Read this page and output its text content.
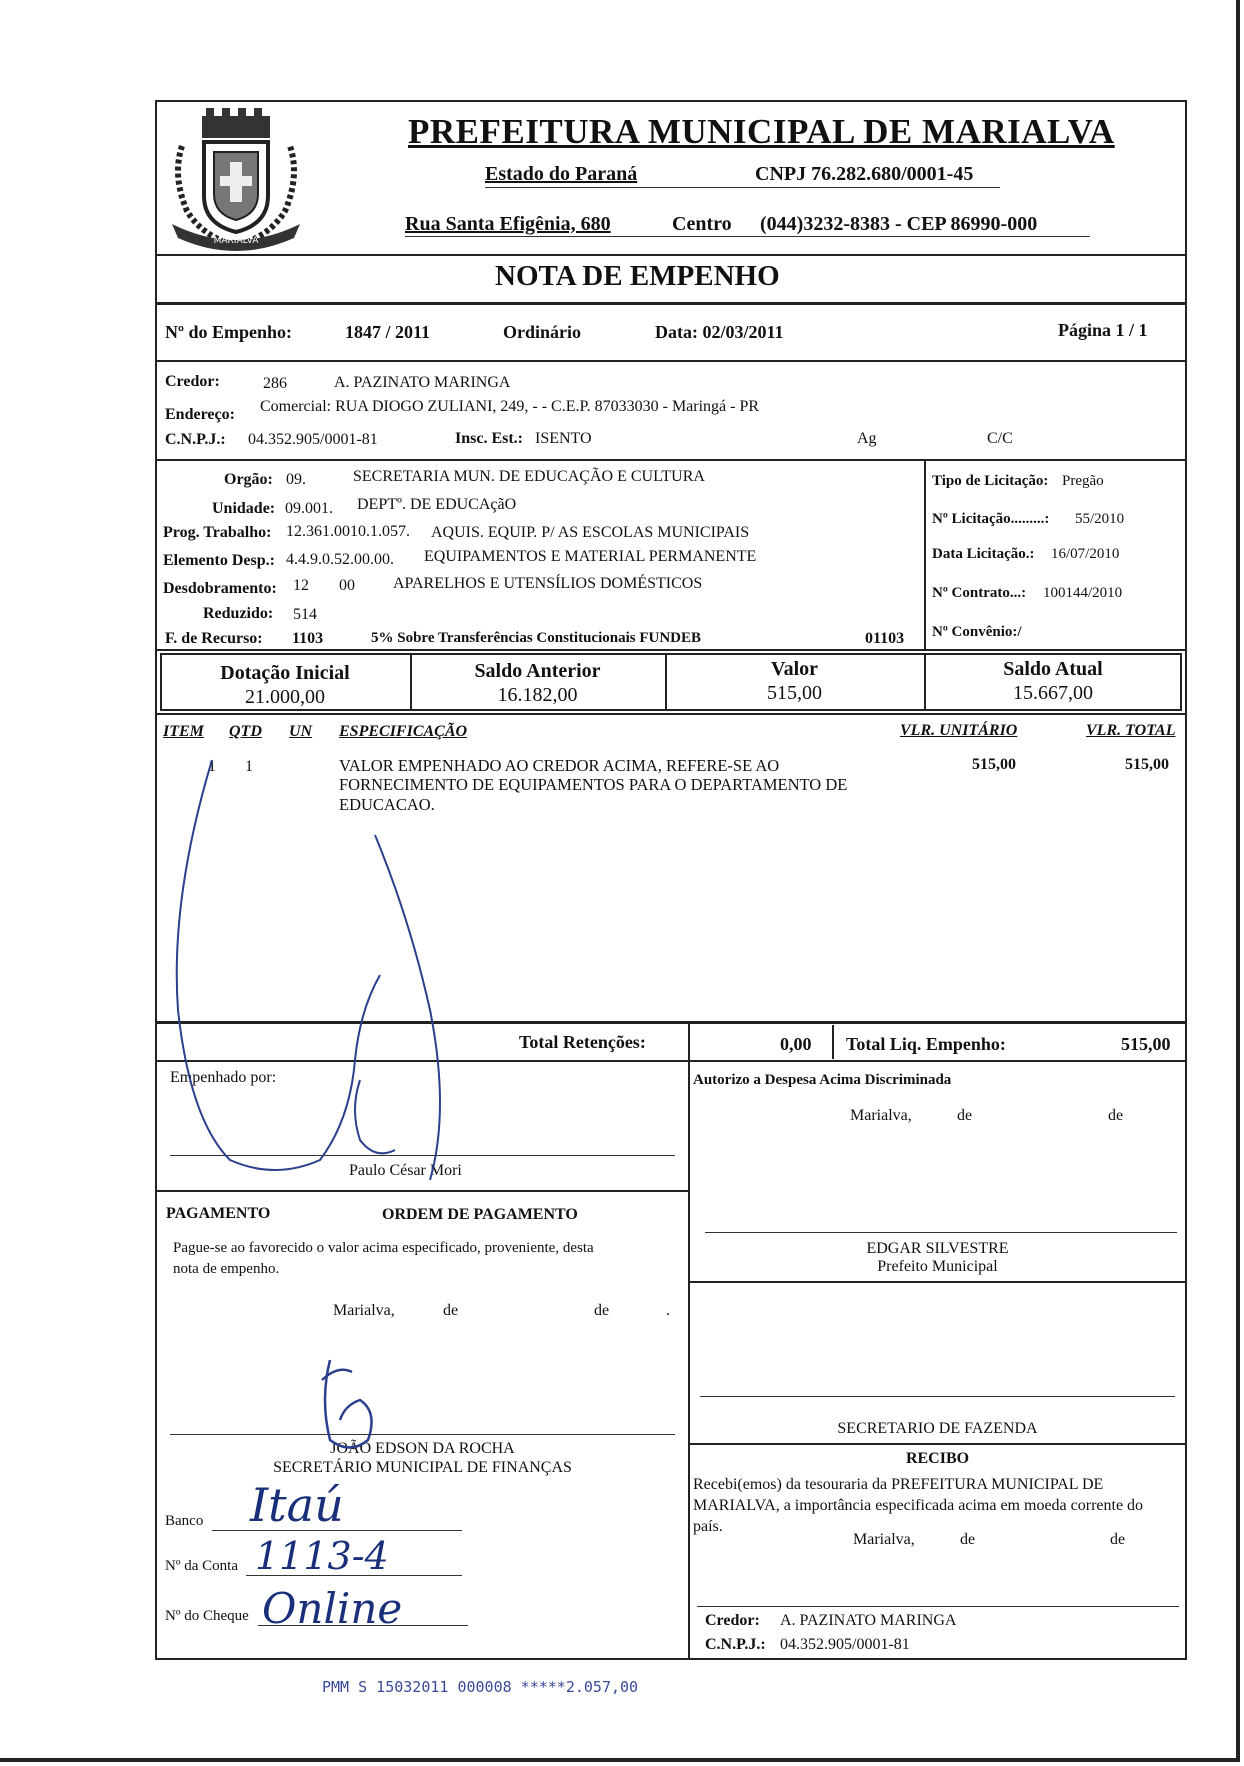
MARIALVA
PREFEITURA MUNICIPAL DE MARIALVA
Estado do Paraná	CNPJ 76.282.680/0001-45
Rua Santa Efigênia, 680	Centro (044)3232-8383 - CEP 86990-000
NOTA DE EMPENHO
Nº do Empenho:	1847 / 2011	Ordinário	Data: 02/03/2011	Página 1 / 1
Credor:	286	A. PAZINATO MARINGA
Endereço: Comercial: RUA DIOGO ZULIANI, 249, - - C.E.P. 87033030 - Maringá - PR
C.N.P.J.: 04.352.905/0001-81	Insc. Est.: ISENTO	Ag	C/C
Orgão: 09.	SECRETARIA MUN. DE EDUCAÇÃO E CULTURA
Unidade: 09.001. DEPTº. DE EDUCAçãO
Prog. Trabalho: 12.361.0010.1.057. AQUIS. EQUIP. P/ AS ESCOLAS MUNICIPAIS
Elemento Desp.: 4.4.9.0.52.00.00. EQUIPAMENTOS E MATERIAL PERMANENTE
Desdobramento: 12 00 APARELHOS E UTENSÍLIOS DOMÉSTICOS
Reduzido: 514
F. de Recurso: 1103	5% Sobre Transferências Constitucionais FUNDEB	01103
Tipo de Licitação: Pregão
Nº Licitação.........: 55/2010
Data Licitação.: 16/07/2010
Nº Contrato...: 100144/2010
Nº Convênio:/
Dotação Inicial
21.000,00
Saldo Anterior
16.182,00
Valor
515,00
Saldo Atual
15.667,00
ITEM QTD UN ESPECIFICAÇÃO	VLR. UNITÁRIO	VLR. TOTAL
1 1	VALOR EMPENHADO AO CREDOR ACIMA, REFERE-SE AO
FORNECIMENTO DE EQUIPAMENTOS PARA O DEPARTAMENTO DE
EDUCACAO.
515,00	515,00
Total Retenções:	0,00 Total Liq. Empenho:	515,00
Empenhado por:
Paulo César Mori
PAGAMENTO	ORDEM DE PAGAMENTO
Pague-se ao favorecido o valor acima especificado, proveniente, desta
nota de empenho.
Marialva,	de	de	.
JOÃO EDSON DA ROCHA
SECRETÁRIO MUNICIPAL DE FINANÇAS
Banco Itaú
Nº da Conta 1113-4
Nº do Cheque Online
Autorizo a Despesa Acima Discriminada
Marialva,	de	de
EDGAR SILVESTRE
Prefeito Municipal
SECRETARIO DE FAZENDA
RECIBO
Recebi(emos) da tesouraria da PREFEITURA MUNICIPAL DE
MARIALVA, a importância especificada acima em moeda corrente do
país.
Marialva,	de	de
Credor: A. PAZINATO MARINGA
C.N.P.J.: 04.352.905/0001-81
PMM S 15032011 000008 *****2.057,00
